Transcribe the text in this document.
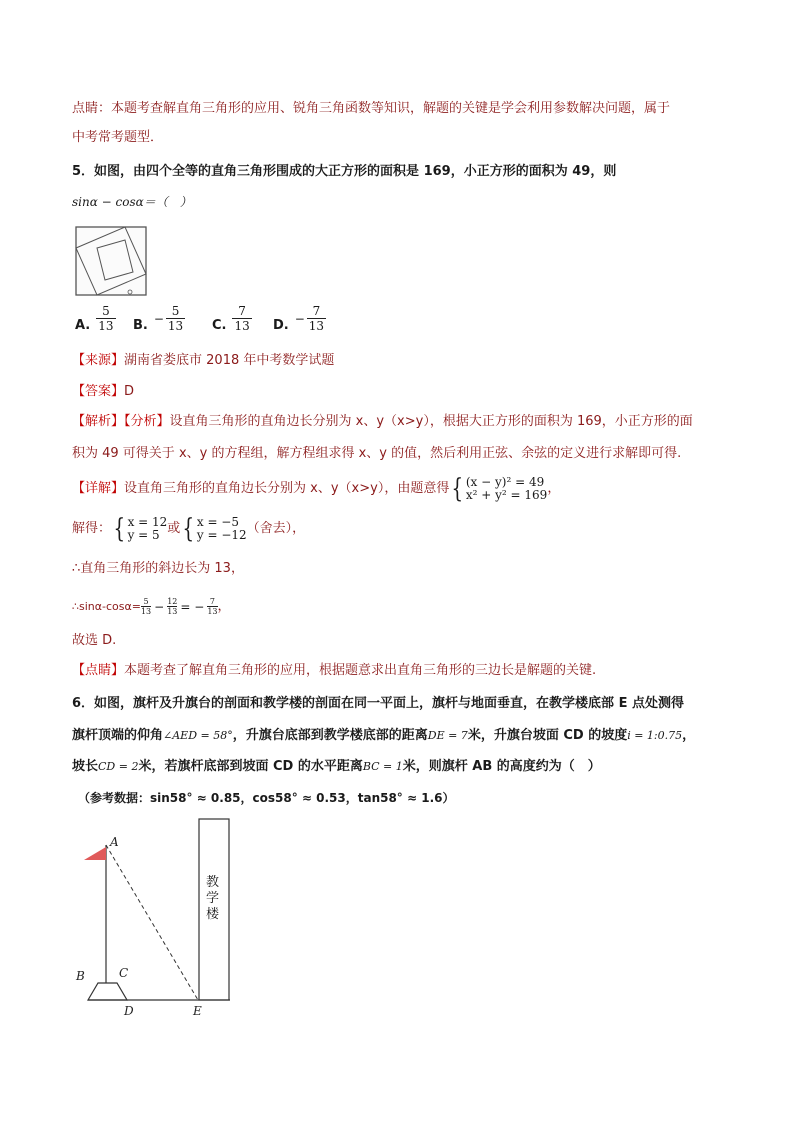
点睛：本题考查解直角三角形的应用、锐角三角函数等知识，解题的关键是学会利用参数解决问题，属于
中考常考题型．
5．如图，由四个全等的直角三角形围成的大正方形的面积是 169，小正方形的面积为 49，则
sinα − cosα＝（　）
A. $\frac{5}{13} B$. − $\frac{5}{13} C$. $\frac{7}{13} D$. − $\frac{7}{13}$
【来源】湖南省娄底市 2018 年中考数学试题
【答案】D
【解析】【分析】设直角三角形的直角边长分别为 x、y（x>y），根据大正方形的面积为 169，小正方形的面
积为 49 可得关于 x、y 的方程组，解方程组求得 x、y 的值，然后利用正弦、余弦的定义进行求解即可得.
【详解】 设直角三角形的直角边长分别为 x、y（x>y），由题意得 { (x − y)² = 49
x² + y² = 169 ，
解得： { x = 12
y = 5 或 { x = −5
y = −12 （舍去），
∴直角三角形的斜边长为 13，
∴sinα-cosα= 5
13 − 12
13 = − 7
13 ，
故选 D.
【点睛】本题考查了解直角三角形的应用，根据题意求出直角三角形的三边长是解题的关键.
6．如图，旗杆及升旗台的剖面和教学楼的剖面在同一平面上，旗杆与地面垂直，在教学楼底部 E 点处测得
旗杆顶端的仰角∠AED = 58°，升旗台底部到教学楼底部的距离DE = 7米，升旗台坡面 CD 的坡度i = 1:0.75，
坡长CD = 2米，若旗杆底部到坡面 CD 的水平距离BC = 1米，则旗杆 AB 的高度约为（　）
（参考数据：sin58° ≈ 0.85，cos58° ≈ 0.53，tan58° ≈ 1.6）
A
B	C
D	E
教学楼
